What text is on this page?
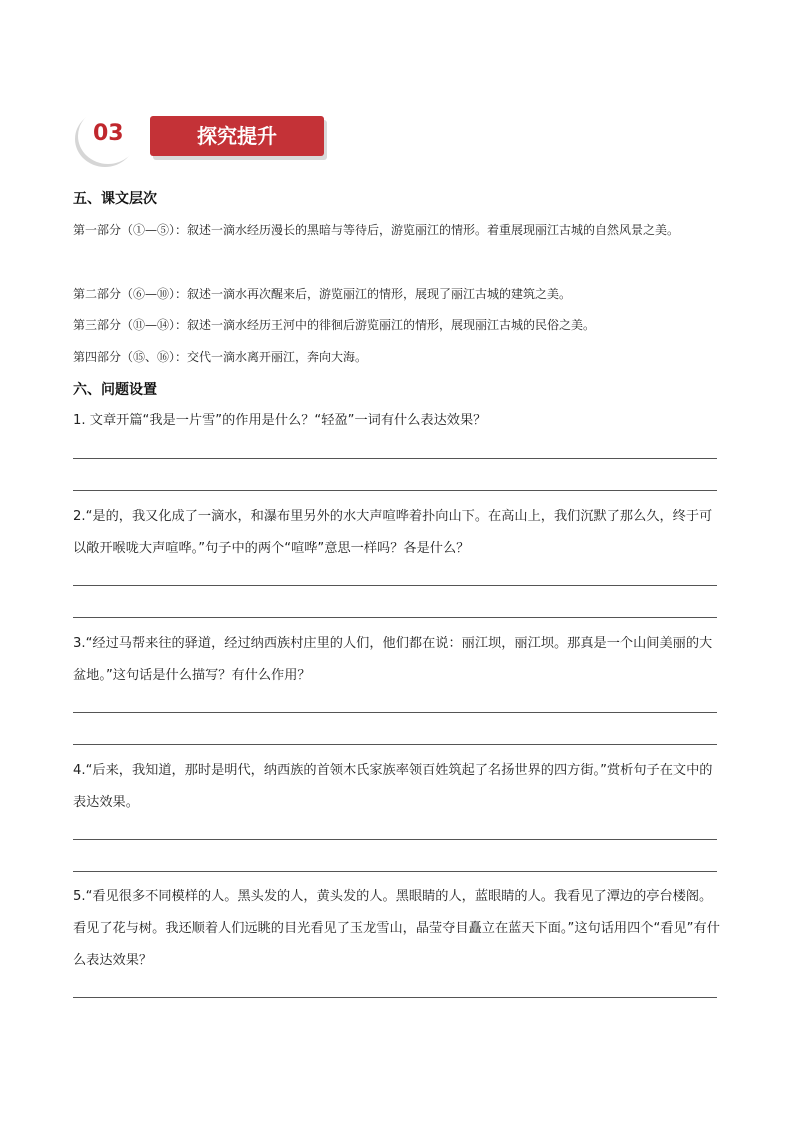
03	探究提升
五、课文层次
第一部分（①—⑤）：叙述一滴水经历漫长的黑暗与等待后，游览丽江的情形。着重展现丽江古城的自然风景之美。
第二部分（⑥—⑩）：叙述一滴水再次醒来后，游览丽江的情形，展现了丽江古城的建筑之美。
第三部分（⑪—⑭）：叙述一滴水经历王河中的徘徊后游览丽江的情形，展现丽江古城的民俗之美。
第四部分（⑮、⑯）：交代一滴水离开丽江，奔向大海。
六、问题设置
1. 文章开篇“我是一片雪”的作用是什么？“轻盈”一词有什么表达效果？
2.“是的，我又化成了一滴水，和瀑布里另外的水大声喧哗着扑向山下。在高山上，我们沉默了那么久，终于可以敞开喉咙大声喧哗。”句子中的两个“喧哗”意思一样吗？各是什么？
3.“经过马帮来往的驿道，经过纳西族村庄里的人们，他们都在说：丽江坝，丽江坝。那真是一个山间美丽的大盆地。”这句话是什么描写？有什么作用？
4.“后来，我知道，那时是明代，纳西族的首领木氏家族率领百姓筑起了名扬世界的四方街。”赏析句子在文中的表达效果。
5.“看见很多不同模样的人。黑头发的人，黄头发的人。黑眼睛的人，蓝眼睛的人。我看见了潭边的亭台楼阁。看见了花与树。我还顺着人们远眺的目光看见了玉龙雪山，晶莹夺目矗立在蓝天下面。”这句话用四个“看见”有什么表达效果？
